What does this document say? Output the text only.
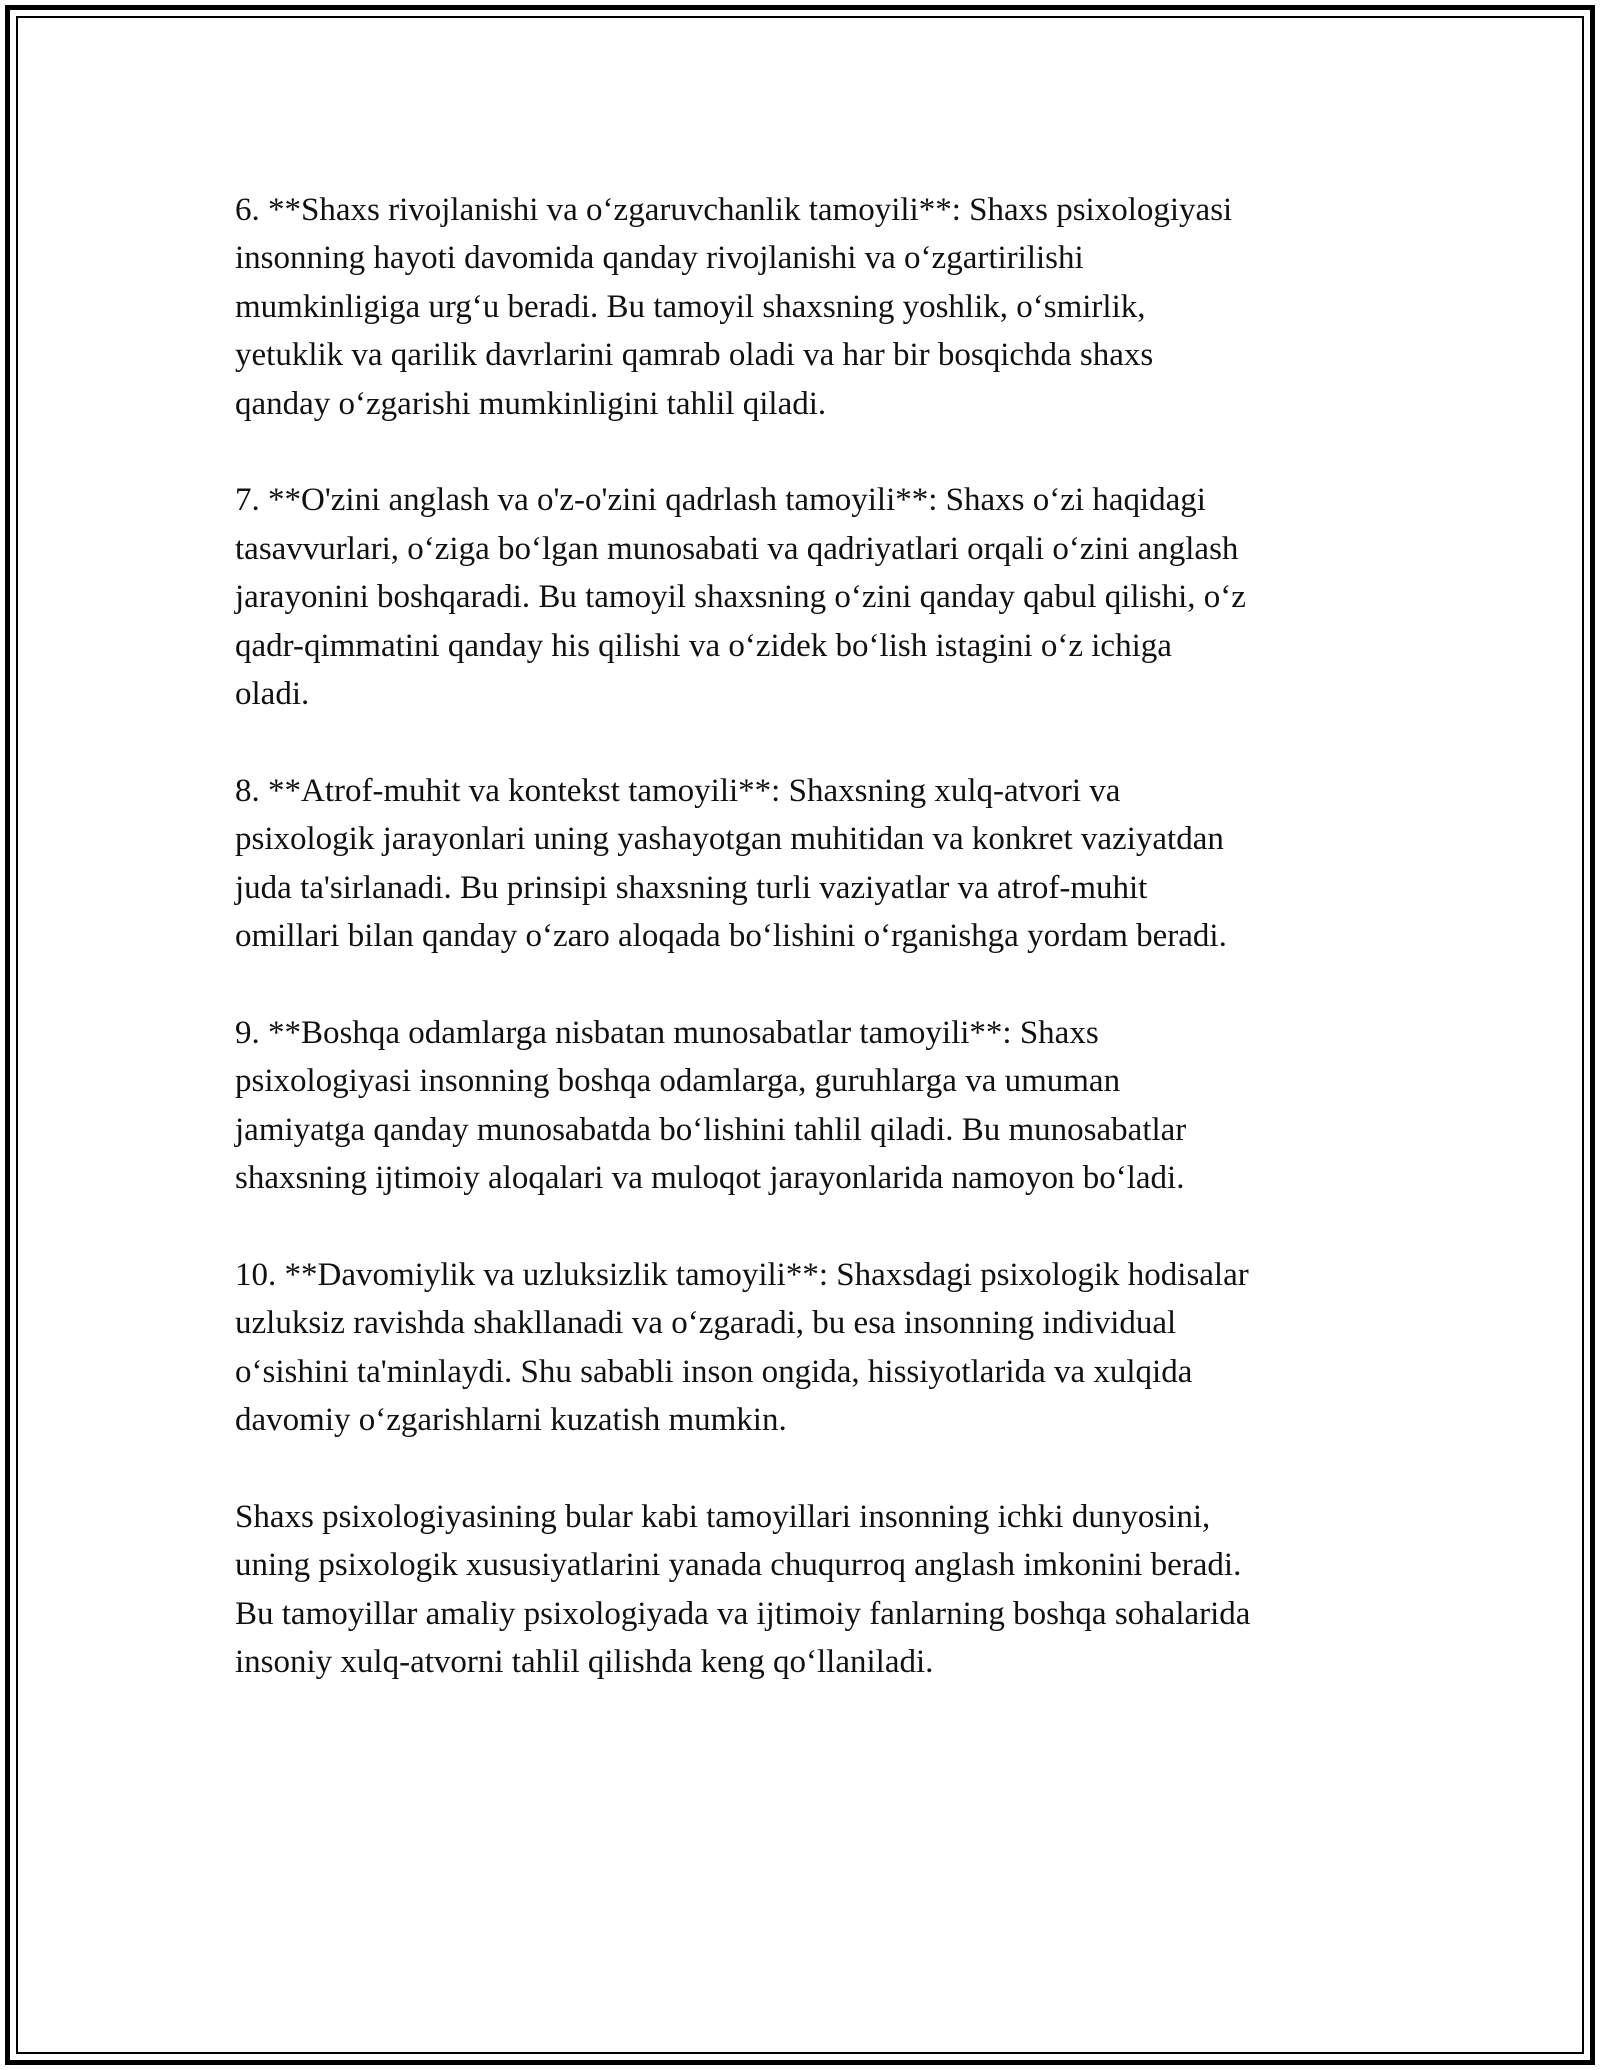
6. **Shaxs rivojlanishi va o‘zgaruvchanlik tamoyili**: Shaxs psixologiyasi
insonning hayoti davomida qanday rivojlanishi va o‘zgartirilishi
mumkinligiga urg‘u beradi. Bu tamoyil shaxsning yoshlik, o‘smirlik,
yetuklik va qarilik davrlarini qamrab oladi va har bir bosqichda shaxs
qanday o‘zgarishi mumkinligini tahlil qiladi.

7. **O'zini anglash va o'z-o'zini qadrlash tamoyili**: Shaxs o‘zi haqidagi
tasavvurlari, o‘ziga bo‘lgan munosabati va qadriyatlari orqali o‘zini anglash
jarayonini boshqaradi. Bu tamoyil shaxsning o‘zini qanday qabul qilishi, o‘z
qadr-qimmatini qanday his qilishi va o‘zidek bo‘lish istagini o‘z ichiga
oladi.

8. **Atrof-muhit va kontekst tamoyili**: Shaxsning xulq-atvori va
psixologik jarayonlari uning yashayotgan muhitidan va konkret vaziyatdan
juda ta'sirlanadi. Bu prinsipi shaxsning turli vaziyatlar va atrof-muhit
omillari bilan qanday o‘zaro aloqada bo‘lishini o‘rganishga yordam beradi.

9. **Boshqa odamlarga nisbatan munosabatlar tamoyili**: Shaxs
psixologiyasi insonning boshqa odamlarga, guruhlarga va umuman
jamiyatga qanday munosabatda bo‘lishini tahlil qiladi. Bu munosabatlar
shaxsning ijtimoiy aloqalari va muloqot jarayonlarida namoyon bo‘ladi.

10. **Davomiylik va uzluksizlik tamoyili**: Shaxsdagi psixologik hodisalar
uzluksiz ravishda shakllanadi va o‘zgaradi, bu esa insonning individual
o‘sishini ta'minlaydi. Shu sababli inson ongida, hissiyotlarida va xulqida
davomiy o‘zgarishlarni kuzatish mumkin.

Shaxs psixologiyasining bular kabi tamoyillari insonning ichki dunyosini,
uning psixologik xususiyatlarini yanada chuqurroq anglash imkonini beradi.
Bu tamoyillar amaliy psixologiyada va ijtimoiy fanlarning boshqa sohalarida
insoniy xulq-atvorni tahlil qilishda keng qo‘llaniladi.
